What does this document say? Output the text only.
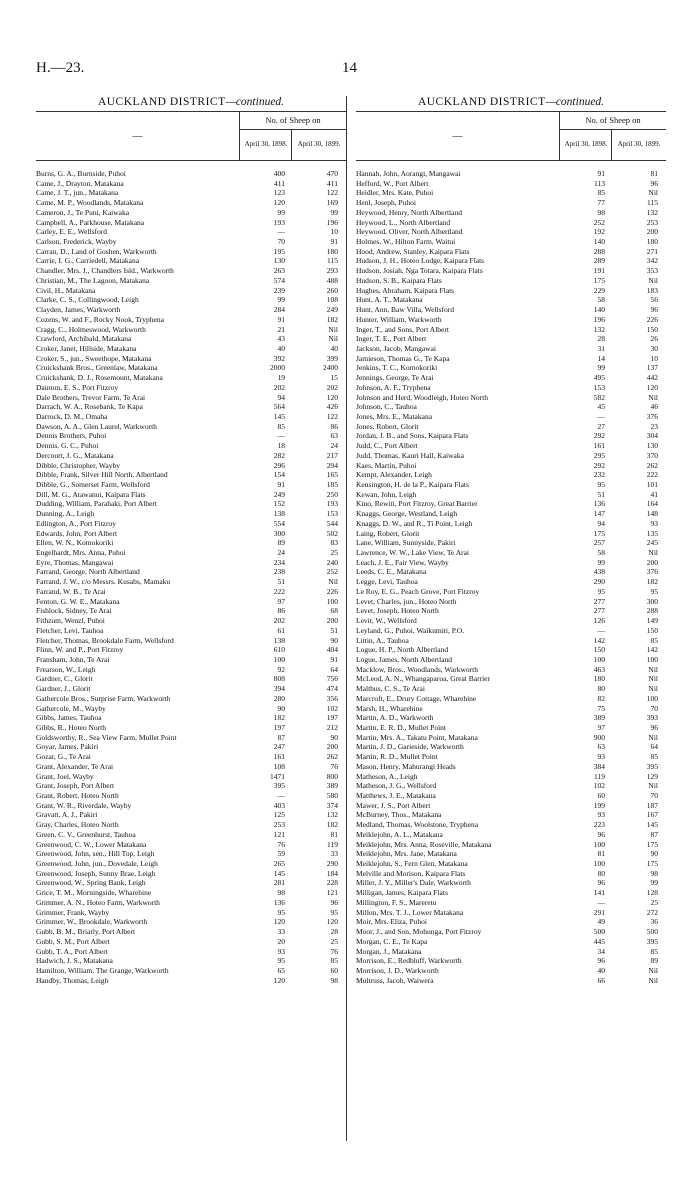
H.—23.	14
AUCKLAND DISTRICT—continued.
—
No. of Sheep on
April 30, 1898.	April 30, 1899.
Burns, G. A., Burnside, Puhoi	400	470
Came, J., Drayton, Matakana	411	411
Came, J. T., jun., Matakana	123	122
Came, M. P., Woodlands, Matakana	120	169
Cameron, J., Te Puni, Kaiwaka	99	99
Campbell, A., Parkhouse, Matakana	193	196
Carley, E. E., Wellsford	—	10
Carlson, Frederick, Wayby	70	91
Carran, D., Land of Goshen, Warkworth	195	180
Carrie, I. G., Carriedell, Matakana	130	115
Chandler, Mrs. J., Chandlers Isld., Warkworth	263	293
Christian, M., The Lagoon, Matakana	574	488
Civil, H., Matakana	239	260
Clarke, C. S., Collingwood, Leigh	99	108
Clayden, James, Warkworth	284	249
Cozens, W. and F., Rocky Nook, Tryphena	91	182
Cragg, C., Holmeswood, Warkworth	21	Nil
Crawford, Archibald, Matakana	43	Nil
Croker, Janet, Hillside, Matakana	40	40
Croker, S., jun., Sweethope, Matakana	392	399
Cruickshank Bros., Greenlaw, Matakana	2000	2400
Cruickshank, D. J., Rosemount, Matakana	19	15
Dainton, E. S., Port Fitzroy	202	202
Dale Brothers, Trevor Farm, Te Arai	94	120
Darrach, W. A., Rosebank, Te Kapa	564	426
Darrock, D. M., Omaha	145	122
Dawson, A. A., Glen Laurel, Warkworth	85	86
Dennis Brothers, Puhoi	—	63
Dennis, G. C., Puhoi	18	24
Dercourt, J. G., Matakana	282	217
Dibble, Christopher, Wayby	296	294
Dibble, Frank, Silver Hill North, Albertland	154	165
Dibble, G., Somerset Farm, Wellsford	91	185
Dill, M. G., Atawanui, Kaipara Flats	249	250
Dudding, William, Parahaki, Port Albert	152	193
Dunning, A., Leigh	138	153
Edlington, A., Port Fitzroy	554	544
Edwards, John, Port Albert	300	502
Ellen, W. N., Komokoriki	89	83
Engelhardt, Mrs. Anna, Puhoi	24	25
Eyre, Thomas, Mangawai	234	240
Farrand, George, North Albertland	238	252
Farrand, J. W., c/o Messrs. Kusabs, Mamaku	51	Nil
Farrand, W. B., Te Arai	222	226
Fenton, G. W. E., Matakana	97	100
Fishlock, Sidney, Te Arai	86	68
Fithzum, Wenzl, Puhoi	202	200
Fletcher, Levi, Tauhoa	61	51
Fletcher, Thomas, Brookdale Farm, Wellsford	138	90
Flinn, W. and P., Port Fitzroy	610	404
Fransham, John, Te Arai	100	91
Frearson, W., Leigh	92	64
Gardner, C., Glorit	808	756
Gardner, J., Glorit	394	474
Gathercole Bros., Surprise Farm, Warkworth	280	356
Gathercole, M., Wayby	90	102
Gibbs, James, Tauhoa	182	197
Gibbs, R., Hoteo North	197	212
Goldsworthy, R., Sea View Farm, Mullet Point	87	90
Goyar, James, Pakiri	247	200
Gozar, G., Te Arai	161	262
Grant, Alexander, Te Arai	108	76
Grant, Joel, Wayby	1471	800
Grant, Joseph, Port Albert	395	389
Grant, Robert, Hoteo North	—	580
Grant, W. R., Riverdale, Wayby	403	374
Gravatt, A. J., Pakiri	125	132
Gray, Charles, Hoteo North	253	182
Green, C. V., Greenhurst, Tauhoa	121	81
Greenwood, C. W., Lower Matakana	76	119
Greenwood, John, sen., Hill Top, Leigh	59	33
Greenwood, John, jun., Dovedale, Leigh	265	290
Greenwood, Joseph, Sunny Brae, Leigh	145	184
Greenwood, W., Spring Bank, Leigh	281	228
Grice, T. M., Morningside, Wharehine	98	121
Grimmer, A. N., Hoteo Farm, Warkworth	136	96
Grimmer, Frank, Wayby	95	95
Grimmer, W., Brookdale, Warkworth	120	120
Gubb, B. M., Briarly, Port Albert	33	28
Gubb, S. M., Port Albert	20	25
Gubb, T. A., Port Albert	93	76
Hadwich, J. S., Matakana	95	85
Hamilton, William, The Grange, Warkworth	65	60
Handby, Thomas, Leigh	120	98
AUCKLAND DISTRICT—continued.
—
No. of Sheep on
April 30, 1898.	April 30, 1899.
Hannah, John, Aorangi, Mangawai	91	81
Hefford, W., Port Albert	113	96
Heidler, Mrs. Kate, Puhoi	85	Nil
Henl, Joseph, Puhoi	77	115
Heywood, Henry, North Albertland	98	132
Heywood, L., North Albertland	252	253
Heywood, Oliver, North Albertland	192	200
Holmes, W., Hilton Farm, Waitui	140	180
Hood, Andrew, Stanley, Kaipara Flats	288	271
Hudson, J. H., Hoteo Lodge, Kaipara Flats	289	342
Hudson, Josiah, Nga Totara, Kaipara Flats	191	353
Hudson, S. B., Kaipara Flats	175	Nil
Hughes, Abraham, Kaipara Flats	229	183
Hunt, A. T., Matakana	58	56
Hunt, Ann, Baw Villa, Wellsford	140	96
Hunter, William, Warkworth	196	226
Inger, T., and Sons, Port Albert	132	150
Inger, T. E., Port Albert	28	26
Jackson, Jacob, Mangawai	31	30
Jamieson, Thomas G., Te Kapa	14	10
Jenkins, T. C., Komokoriki	99	137
Jennings, George, Te Arai	495	442
Johnson, A. F., Tryphena	153	120
Johnson and Herd, Woodleigh, Hoteo North	582	Nil
Johnson, C., Tauhoa	45	46
Jones, Mrs. E., Matakana	—	376
Jones, Robert, Glorit	27	23
Jordan, J. B., and Sons, Kaipara Flats	292	304
Judd, C., Port Albert	161	130
Judd, Thomas, Kauri Hall, Kaiwaka	295	370
Kaes, Martin, Puhoi	292	262
Kempt, Alexander, Leigh	232	222
Kensington, H. de la P., Kaipara Flats	95	101
Kewan, John, Leigh	51	41
Kino, Rewiti, Port Fitzroy, Great Barrier	136	164
Knaggs, George, Westland, Leigh	147	148
Knaggs, D. W., and R., Ti Point, Leigh	94	93
Laing, Robert, Glorit	175	135
Lane, William, Sunnyside, Pakiri	257	245
Lawrence, W. W., Lake View, Te Arai	58	Nil
Leach, J. E., Fair View, Wayby	99	200
Leeds, C. E., Matakana	438	376
Legge, Levi, Tauhoa	290	182
Le Roy, E. G., Peach Grove, Port Fitzroy	95	95
Levet, Charles, jun., Hoteo North	277	300
Levet, Joseph, Hoteo North	277	288
Levit, W., Wellsford	126	149
Leyland, G., Puhoi, Waikumiti, P.O.	—	150
Littin, A., Tauhoa	142	85
Logue, H. P., North Albertland	150	142
Logue, James, North Albertland	100	100
Macklow, Bros., Woodlands, Warkworth	463	Nil
McLeod, A. N., Whangaparoa, Great Barrier	180	Nil
Malthus, C. S., Te Arai	80	Nil
Marcroft, E., Drury Cottage, Wharehine	82	100
Marsh, H., Wharehine	75	70
Martin, A. D., Warkworth	389	393
Martin, E. R. D., Mullet Point	97	96
Martin, Mrs. A., Takatu Point, Matakana	900	Nil
Martin, J. D., Garieside, Warkworth	63	64
Martin, R. D., Mullet Point	93	85
Mason, Henry, Mahurangi Heads	384	395
Matheson, A., Leigh	119	129
Matheson, J. G., Wellsford	102	Nil
Matthews, J. E., Matakana	60	70
Mawer, J. S., Port Albert	199	187
McBurney, Thos., Matakana	93	167
Medland, Thomas, Woolstone, Tryphena	223	145
Meiklejohn, A. L., Matakana	96	87
Meiklejohn, Mrs. Anna, Roseville, Matakana	100	175
Meiklejohn, Mrs. Jane, Matakana	81	90
Meiklejohn, S., Fern Glen, Matakana	100	175
Melville and Morison, Kaipara Flats	80	98
Miller, J. Y., Miller's Dale, Warkworth	96	99
Milligan, James, Kaipara Flats	141	128
Millington, F. S., Mareretu	—	25
Millon, Mrs. T. J., Lower Matakana	291	272
Moir, Mrs. Eliza, Puhoi	49	36
Moor, J., and Son, Mohunga, Port Fitzroy	500	500
Morgan, C. E., Te Kapa	445	395
Morgan, J., Matakana	34	85
Morrison, E., Redbluff, Warkworth	96	89
Morrison, J. D., Warkworth	40	Nil
Multruss, Jacob, Waiwera	66	Nil
